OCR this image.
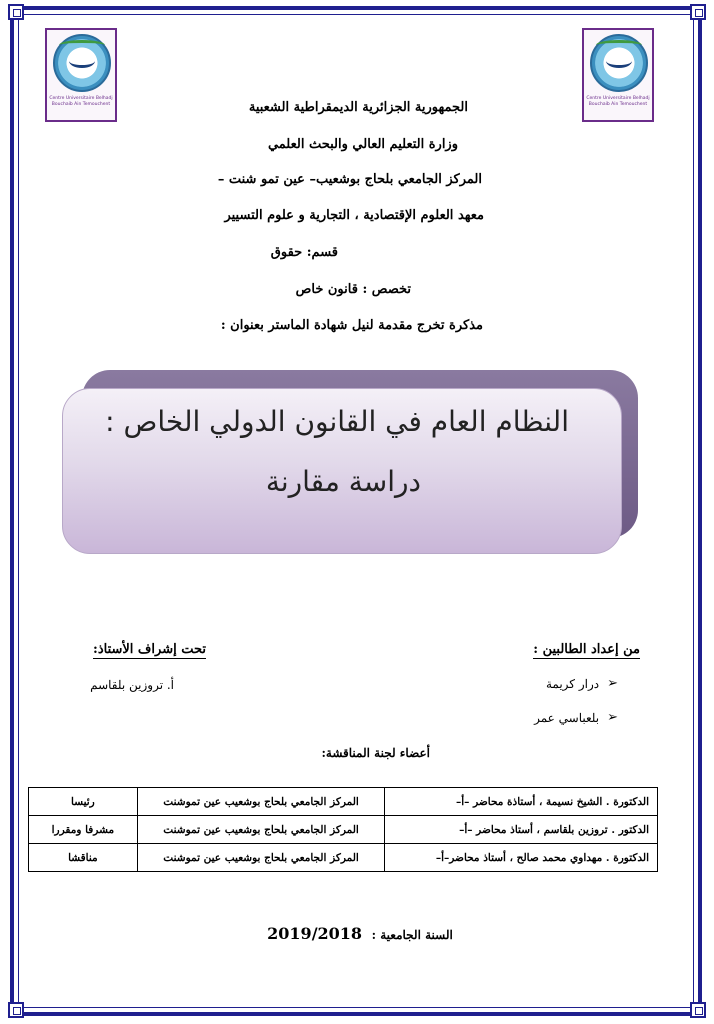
Centre Universitaire Belhadj Bouchaib Ain Temouchent
Centre Universitaire Belhadj Bouchaib Ain Temouchent
الجمهورية الجزائرية الديمقراطية الشعبية
وزارة التعليم العالي والبحث العلمي
المركز الجامعي بلحاج بوشعيب– عين تمو شنت –
معهد العلوم الإقتصادية ، التجارية و علوم التسيير
قسم: حقوق
تخصص : قانون خاص
مذكرة تخرج مقدمة لنيل شهادة الماستر بعنوان :
النظام العام في القانون الدولي الخاص :
دراسة مقارنة
من إعداد الطالبين :
➢
درار كريمة
➢
بلعباسي عمر
تحت إشراف الأستاذ:
أ. تروزين بلقاسم
أعضاء لجنة المناقشة:
الدكتورة . الشيخ نسيمة ، أستاذة محاضر –أ–	المركز الجامعي بلحاج بوشعيب عين تموشنت	رئيسا
الدكتور . تروزين بلقاسم ، أستاذ محاضر –أ–	المركز الجامعي بلحاج بوشعيب عين تموشنت	مشرفا ومقررا
الدكتورة . مهداوي محمد صالح ، أستاذ محاضر–أ–	المركز الجامعي بلحاج بوشعيب عين تموشنت	مناقشا
السنة الجامعية : 2019/2018
